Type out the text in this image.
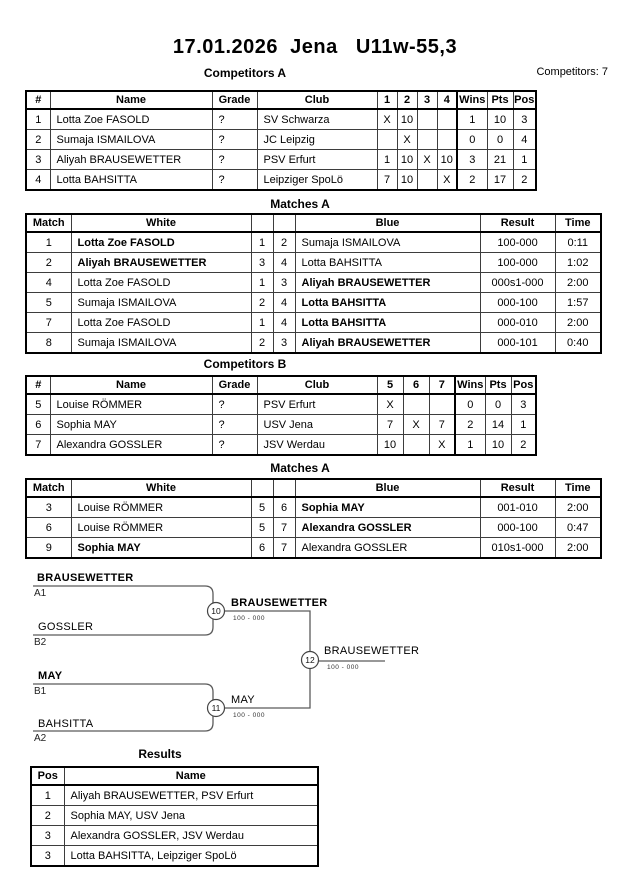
17.01.2026  Jena   U11w-55,3
Competitors: 7
Competitors A
Matches A
Competitors B
Matches A
Results
#	Name	Grade	Club	1	2	3	4	Wins	Pts	Pos
1	Lotta Zoe FASOLD	?	SV Schwarza	X	10			1	10	3
2	Sumaja ISMAILOVA	?	JC Leipzig		X			0	0	4
3	Aliyah BRAUSEWETTER	?	PSV Erfurt	1	10	X	10	3	21	1
4	Lotta BAHSITTA	?	Leipziger SpoLö	7	10		X	2	17	2
Match	White			Blue	Result	Time
1	Lotta Zoe FASOLD	1	2	Sumaja ISMAILOVA	100-000	0:11
2	Aliyah BRAUSEWETTER	3	4	Lotta BAHSITTA	100-000	1:02
4	Lotta Zoe FASOLD	1	3	Aliyah BRAUSEWETTER	000s1-000	2:00
5	Sumaja ISMAILOVA	2	4	Lotta BAHSITTA	000-100	1:57
7	Lotta Zoe FASOLD	1	4	Lotta BAHSITTA	000-010	2:00
8	Sumaja ISMAILOVA	2	3	Aliyah BRAUSEWETTER	000-101	0:40
#	Name	Grade	Club	5	6	7	Wins	Pts	Pos
5	Louise RÖMMER	?	PSV Erfurt	X			0	0	3
6	Sophia MAY	?	USV Jena	7	X	7	2	14	1
7	Alexandra GOSSLER	?	JSV Werdau	10		X	1	10	2
Match	White			Blue	Result	Time
3	Louise RÖMMER	5	6	Sophia MAY	001-010	2:00
6	Louise RÖMMER	5	7	Alexandra GOSSLER	000-100	0:47
9	Sophia MAY	6	7	Alexandra GOSSLER	010s1-000	2:00
Pos	Name
1	Aliyah BRAUSEWETTER, PSV Erfurt
2	Sophia MAY, USV Jena
3	Alexandra GOSSLER, JSV Werdau
3	Lotta BAHSITTA, Leipziger SpoLö
10
11
12
BRAUSEWETTER
A1
GOSSLER
B2
BRAUSEWETTER
100 - 000
MAY
B1
BAHSITTA
A2
MAY
100 - 000
BRAUSEWETTER
100 - 000
